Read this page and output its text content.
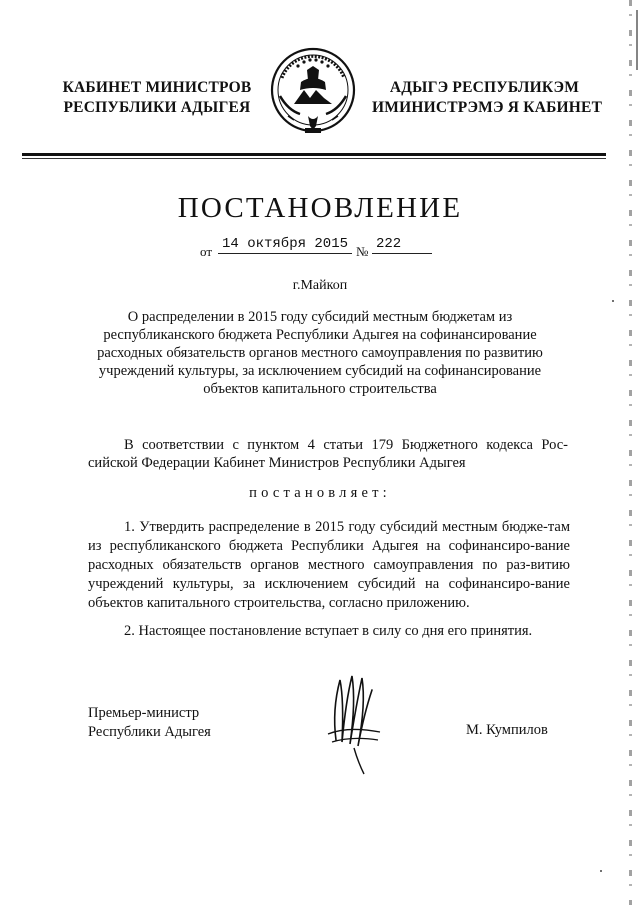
КАБИНЕТ МИНИСТРОВ
РЕСПУБЛИКИ АДЫГЕЯ
АДЫГЭ РЕСПУБЛИКЭМ
ИМИНИСТРЭМЭ Я КАБИНЕТ
ПОСТАНОВЛЕНИЕ
от 14 октября 2015 № 222
г.Майкоп
О распределении в 2015 году субсидий местным бюджетам из республиканского бюджета Республики Адыгея на софинансирование расходных обязательств органов местного самоуправления по развитию учреждений культуры, за исключением субсидий на софинансирование объектов капитального строительства
В соответствии с пунктом 4 статьи 179 Бюджетного кодекса Рос-
сийской Федерации Кабинет Министров Республики Адыгея
постановляет:
1. Утвердить распределение в 2015 году субсидий местным бюдже-там из республиканского бюджета Республики Адыгея на софинансиро-вание расходных обязательств органов местного самоуправления по раз-витию учреждений культуры, за исключением субсидий на софинансиро-вание объектов капитального строительства, согласно приложению.
2. Настоящее постановление вступает в силу со дня его принятия.
Премьер-министр
Республики Адыгея	М. Кумпилов
